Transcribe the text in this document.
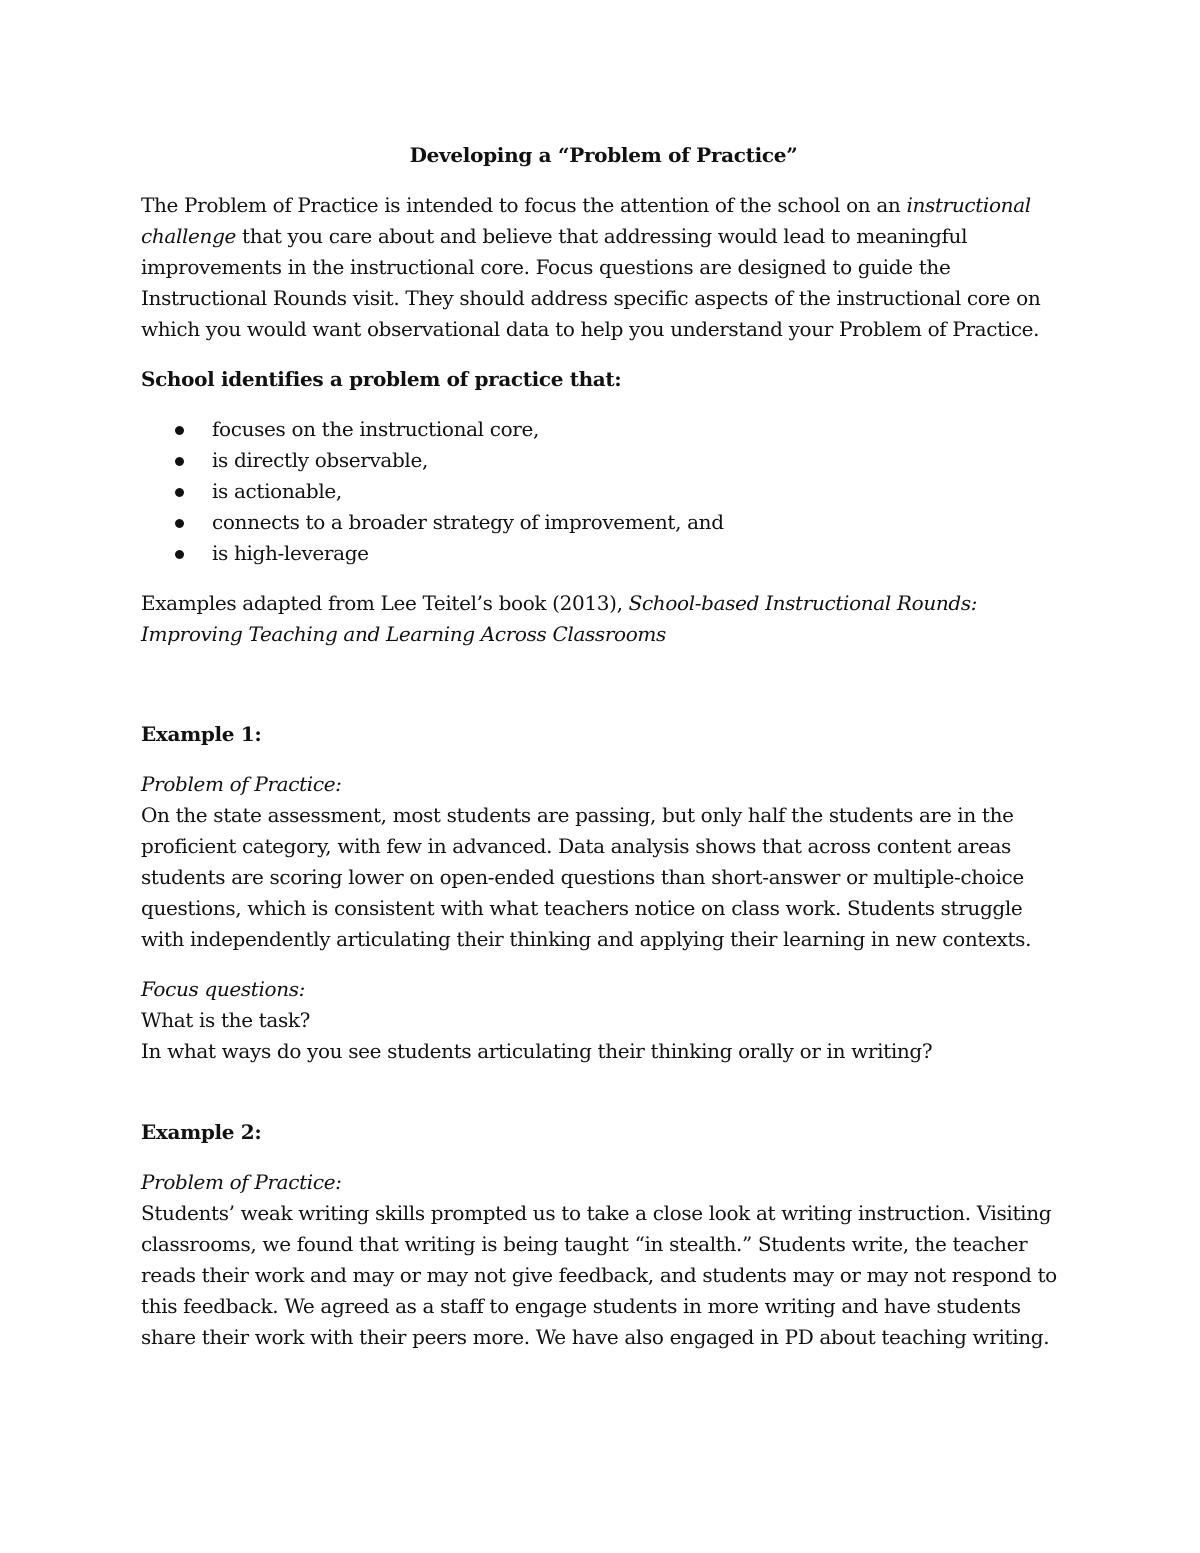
Developing a “Problem of Practice”

The Problem of Practice is intended to focus the attention of the school on an instructional challenge that you care about and believe that addressing would lead to meaningful improvements in the instructional core. Focus questions are designed to guide the Instructional Rounds visit. They should address specific aspects of the instructional core on which you would want observational data to help you understand your Problem of Practice.

School identifies a problem of practice that:

focuses on the instructional core,
is directly observable,
is actionable,
connects to a broader strategy of improvement, and
is high-leverage

Examples adapted from Lee Teitel’s book (2013), School-based Instructional Rounds: Improving Teaching and Learning Across Classrooms

Example 1:

Problem of Practice:

On the state assessment, most students are passing, but only half the students are in the proficient category, with few in advanced. Data analysis shows that across content areas students are scoring lower on open-ended questions than short-answer or multiple-choice questions, which is consistent with what teachers notice on class work. Students struggle with independently articulating their thinking and applying their learning in new contexts.

Focus questions:

What is the task?

In what ways do you see students articulating their thinking orally or in writing?

Example 2:

Problem of Practice:

Students’ weak writing skills prompted us to take a close look at writing instruction. Visiting classrooms, we found that writing is being taught “in stealth.” Students write, the teacher reads their work and may or may not give feedback, and students may or may not respond to this feedback. We agreed as a staff to engage students in more writing and have students share their work with their peers more. We have also engaged in PD about teaching writing.
